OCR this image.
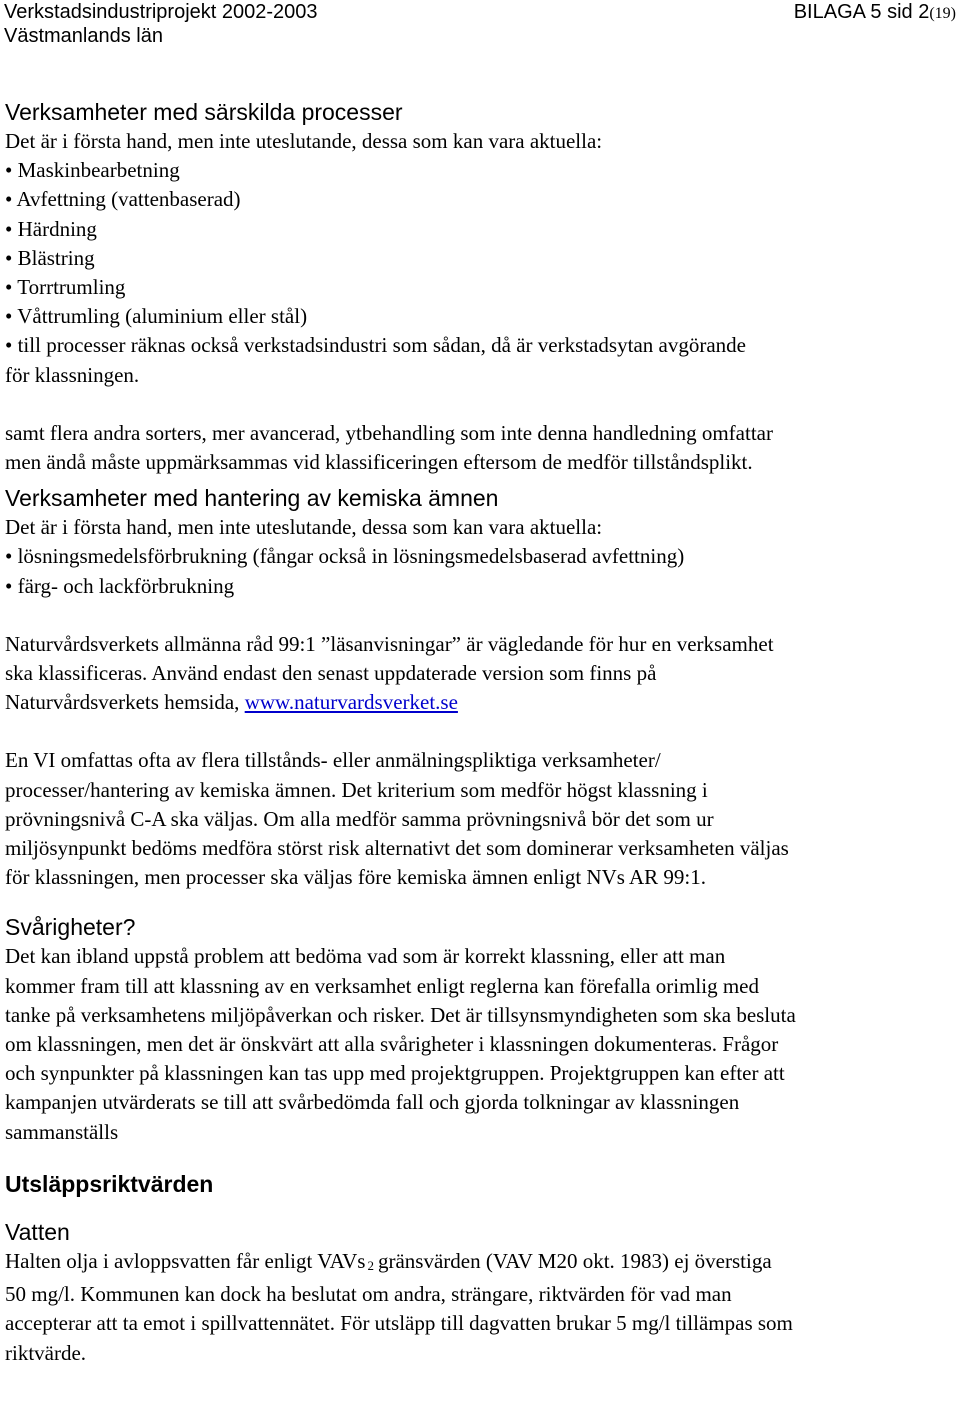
Verkstadsindustriprojekt 2002-2003
Västmanlands län
BILAGA 5 sid 2(19)
Verksamheter med särskilda processer

Det är i första hand, men inte uteslutande, dessa som kan vara aktuella:

• Maskinbearbetning
• Avfettning (vattenbaserad)
• Härdning
• Blästring
• Torrtrumling
• Våttrumling (aluminium eller stål)
• till processer räknas också verkstadsindustri som sådan, då är verkstadsytan avgörande
för klassningen.

samt flera andra sorters, mer avancerad, ytbehandling som inte denna handledning omfattar

men ändå måste uppmärksammas vid klassificeringen eftersom de medför tillståndsplikt.

Verksamheter med hantering av kemiska ämnen

Det är i första hand, men inte uteslutande, dessa som kan vara aktuella:

• lösningsmedelsförbrukning (fångar också in lösningsmedelsbaserad avfettning)
• färg- och lackförbrukning

Naturvårdsverkets allmänna råd 99:1 ”läsanvisningar” är vägledande för hur en verksamhet

ska klassificeras. Använd endast den senast uppdaterade version som finns på

Naturvårdsverkets hemsida, www.naturvardsverket.se

En VI omfattas ofta av flera tillstånds- eller anmälningspliktiga verksamheter/

processer/hantering av kemiska ämnen. Det kriterium som medför högst klassning i

prövningsnivå C-A ska väljas. Om alla medför samma prövningsnivå bör det som ur

miljösynpunkt bedöms medföra störst risk alternativt det som dominerar verksamheten väljas

för klassningen, men processer ska väljas före kemiska ämnen enligt NVs AR 99:1.

Svårigheter?

Det kan ibland uppstå problem att bedöma vad som är korrekt klassning, eller att man

kommer fram till att klassning av en verksamhet enligt reglerna kan förefalla orimlig med

tanke på verksamhetens miljöpåverkan och risker. Det är tillsynsmyndigheten som ska besluta

om klassningen, men det är önskvärt att alla svårigheter i klassningen dokumenteras. Frågor

och synpunkter på klassningen kan tas upp med projektgruppen. Projektgruppen kan efter att

kampanjen utvärderats se till att svårbedömda fall och gjorda tolkningar av klassningen

sammanställs

Utsläppsriktvärden
Vatten

Halten olja i avloppsvatten får enligt VAVs $_2$ gränsvärden (VAV M20 okt. 1983) ej överstiga

50 mg/l. Kommunen kan dock ha beslutat om andra, strängare, riktvärden för vad man

accepterar att ta emot i spillvattennätet. För utsläpp till dagvatten brukar 5 mg/l tillämpas som

riktvärde.
